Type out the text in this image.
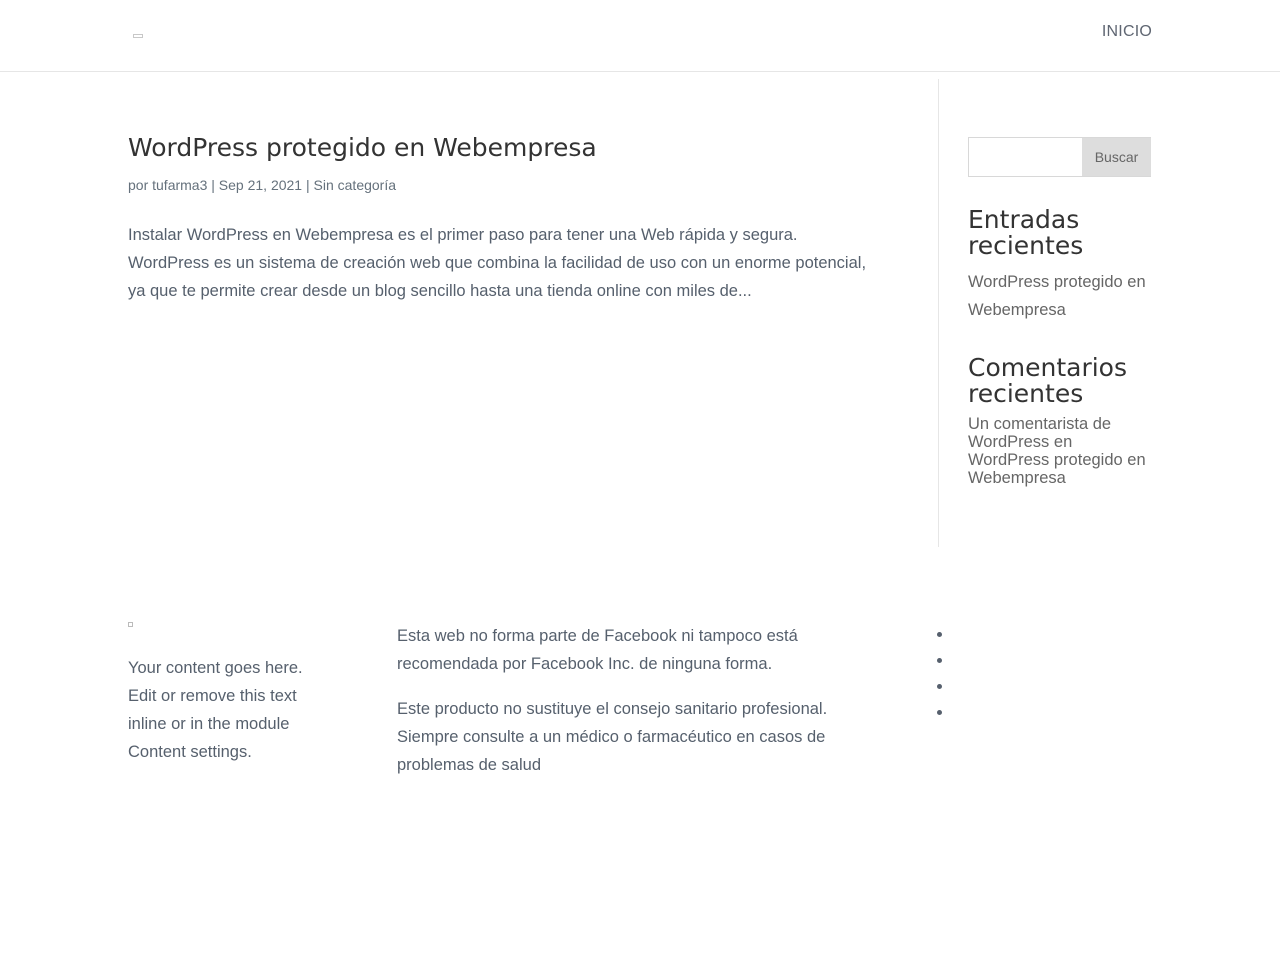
INICIO
WordPress protegido en Webempresa
por tufarma3 | Sep 21, 2021 | Sin categoría

Instalar WordPress en Webempresa es el primer paso para tener una Web rápida y segura. WordPress es un sistema de creación web que combina la facilidad de uso con un enorme potencial, ya que te permite crear desde un blog sencillo hasta una tienda online con miles de...

Buscar
Entradas recientes
WordPress protegido en Webempresa
Comentarios recientes
Un comentarista de WordPress en WordPress protegido en Webempresa

Your content goes here. Edit or remove this text inline or in the module Content settings.

Esta web no forma parte de Facebook ni tampoco está recomendada por Facebook Inc. de ninguna forma.

Este producto no sustituye el consejo sanitario profesional. Siempre consulte a un médico o farmacéutico en casos de problemas de salud
